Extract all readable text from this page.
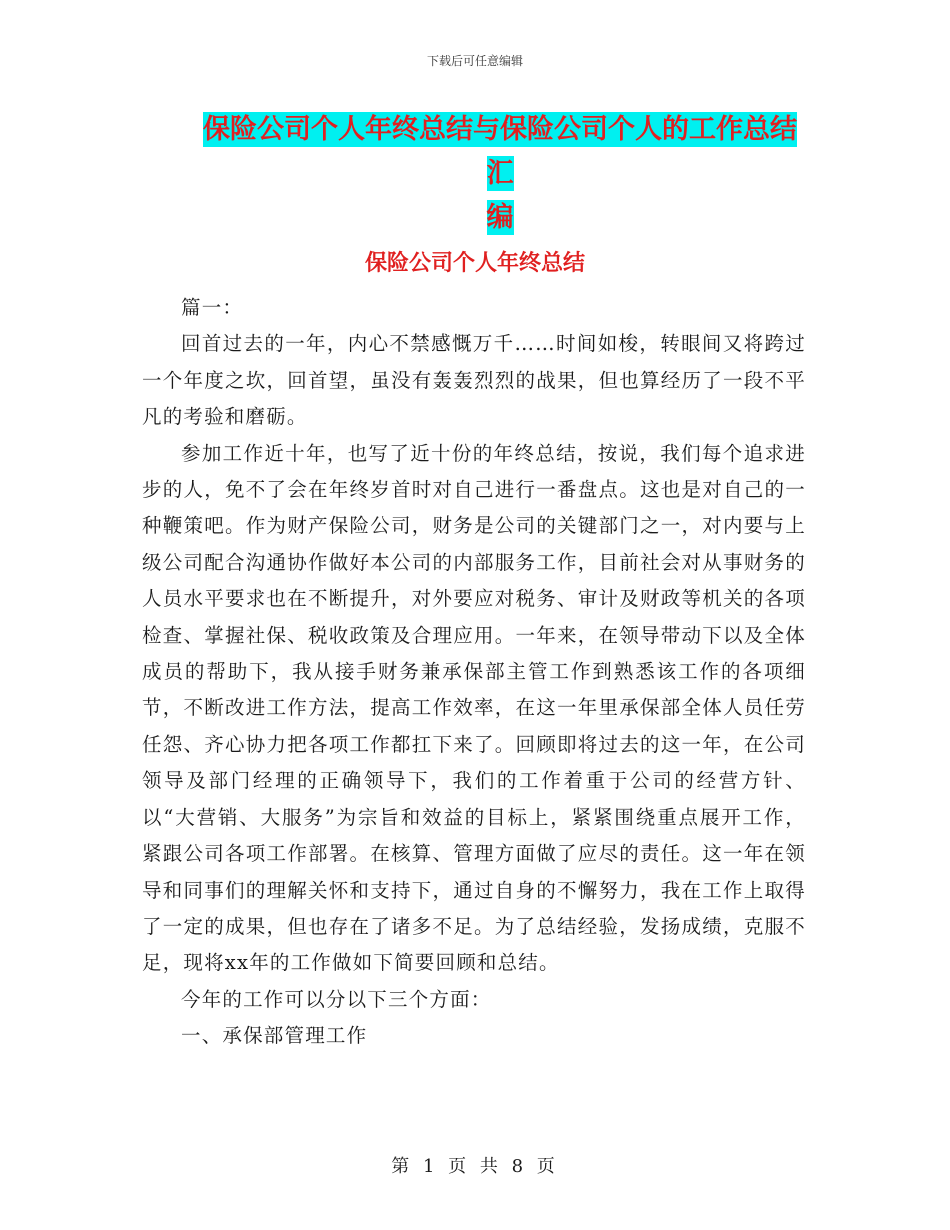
下载后可任意编辑
保险公司个人年终总结与保险公司个人的工作总结汇
编
保险公司个人年终总结

篇一：

回首过去的一年，内心不禁感慨万千……时间如梭，转眼间又将跨过一个年度之坎，回首望，虽没有轰轰烈烈的战果，但也算经历了一段不平凡的考验和磨砺。

参加工作近十年，也写了近十份的年终总结，按说，我们每个追求进步的人，免不了会在年终岁首时对自己进行一番盘点。这也是对自己的一种鞭策吧。作为财产保险公司，财务是公司的关键部门之一，对内要与上级公司配合沟通协作做好本公司的内部服务工作，目前社会对从事财务的人员水平要求也在不断提升，对外要应对税务、审计及财政等机关的各项检查、掌握社保、税收政策及合理应用。一年来，在领导带动下以及全体成员的帮助下，我从接手财务兼承保部主管工作到熟悉该工作的各项细节，不断改进工作方法，提高工作效率，在这一年里承保部全体人员任劳任怨、齐心协力把各项工作都扛下来了。回顾即将过去的这一年，在公司领导及部门经理的正确领导下，我们的工作着重于公司的经营方针、以“大营销、大服务”为宗旨和效益的目标上，紧紧围绕重点展开工作，紧跟公司各项工作部署。在核算、管理方面做了应尽的责任。这一年在领导和同事们的理解关怀和支持下，通过自身的不懈努力，我在工作上取得了一定的成果，但也存在了诸多不足。为了总结经验，发扬成绩，克服不足，现将xx年的工作做如下简要回顾和总结。

今年的工作可以分以下三个方面：

一、承保部管理工作

第 1 页 共 8 页
